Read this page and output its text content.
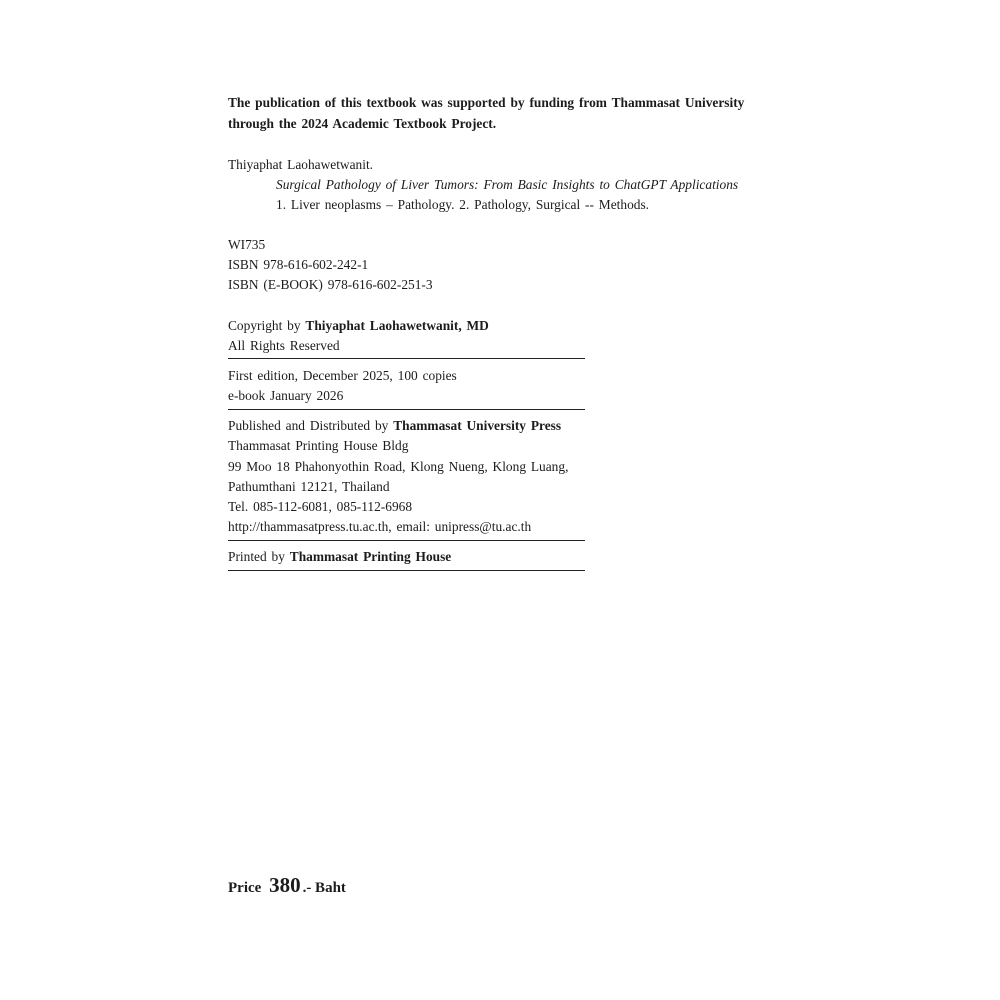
The publication of this textbook was supported by funding from Thammasat University
through the 2024 Academic Textbook Project.
Thiyaphat Laohawetwanit.
Surgical Pathology of Liver Tumors: From Basic Insights to ChatGPT Applications
1. Liver neoplasms – Pathology. 2. Pathology, Surgical -- Methods.
WI735
ISBN 978-616-602-242-1
ISBN (E-BOOK) 978-616-602-251-3
Copyright by Thiyaphat Laohawetwanit, MD
All Rights Reserved
First edition, December 2025, 100 copies
e-book January 2026
Published and Distributed by Thammasat University Press
Thammasat Printing House Bldg
99 Moo 18 Phahonyothin Road, Klong Nueng, Klong Luang,
Pathumthani 12121, Thailand
Tel. 085-112-6081, 085-112-6968
http://thammasatpress.tu.ac.th, email: unipress@tu.ac.th
Printed by Thammasat Printing House
Price 380 .- Baht
